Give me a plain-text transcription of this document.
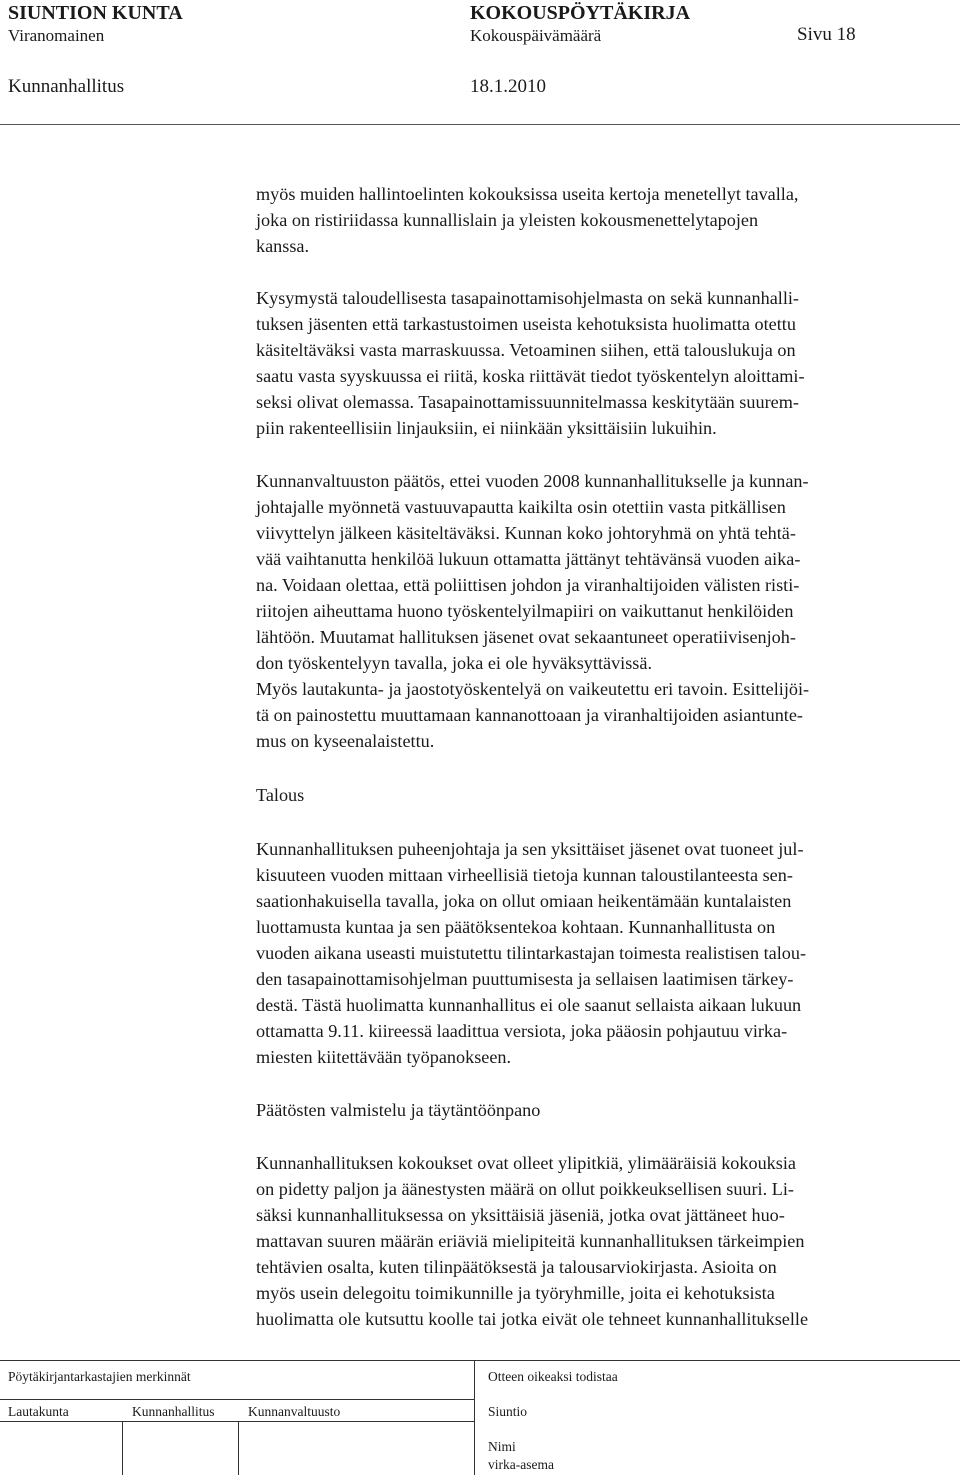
SIUNTION KUNTA	KOKOUSPÖYTÄKIRJA
Viranomainen	Kokouspäivämäärä	Sivu 18
Kunnanhallitus	18.1.2010

myös muiden hallintoelinten kokouksissa useita kertoja menetellyt tavalla,
joka on ristiriidassa kunnallislain ja yleisten kokousmenettelytapojen
kanssa.

Kysymystä taloudellisesta tasapainottamisohjelmasta on sekä kunnanhalli-
tuksen jäsenten että tarkastustoimen useista kehotuksista huolimatta otettu
käsiteltäväksi vasta marraskuussa. Vetoaminen siihen, että talouslukuja on
saatu vasta syyskuussa ei riitä, koska riittävät tiedot työskentelyn aloittami-
seksi olivat olemassa. Tasapainottamissuunnitelmassa keskitytään suurem-
piin rakenteellisiin linjauksiin, ei niinkään yksittäisiin lukuihin.

Kunnanvaltuuston päätös, ettei vuoden 2008 kunnanhallitukselle ja kunnan-
johtajalle myönnetä vastuuvapautta kaikilta osin otettiin vasta pitkällisen
viivyttelyn jälkeen käsiteltäväksi. Kunnan koko johtoryhmä on yhtä tehtä-
vää vaihtanutta henkilöä lukuun ottamatta jättänyt tehtävänsä vuoden aika-
na. Voidaan olettaa, että poliittisen johdon ja viranhaltijoiden välisten risti-
riitojen aiheuttama huono työskentelyilmapiiri on vaikuttanut henkilöiden
lähtöön. Muutamat hallituksen jäsenet ovat sekaantuneet operatiivisenjoh-
don työskentelyyn tavalla, joka ei ole hyväksyttävissä.
Myös lautakunta- ja jaostotyöskentelyä on vaikeutettu eri tavoin. Esittelijöi-
tä on painostettu muuttamaan kannanottoaan ja viranhaltijoiden asiantunte-
mus on kyseenalaistettu.

Talous

Kunnanhallituksen puheenjohtaja ja sen yksittäiset jäsenet ovat tuoneet jul-
kisuuteen vuoden mittaan virheellisiä tietoja kunnan taloustilanteesta sen-
saationhakuisella tavalla, joka on ollut omiaan heikentämään kuntalaisten
luottamusta kuntaa ja sen päätöksentekoa kohtaan. Kunnanhallitusta on
vuoden aikana useasti muistutettu tilintarkastajan toimesta realistisen talou-
den tasapainottamisohjelman puuttumisesta ja sellaisen laatimisen tärkey-
destä. Tästä huolimatta kunnanhallitus ei ole saanut sellaista aikaan lukuun
ottamatta 9.11. kiireessä laadittua versiota, joka pääosin pohjautuu virka-
miesten kiitettävään työpanokseen.

Päätösten valmistelu ja täytäntöönpano

Kunnanhallituksen kokoukset ovat olleet ylipitkiä, ylimääräisiä kokouksia
on pidetty paljon ja äänestysten määrä on ollut poikkeuksellisen suuri. Li-
säksi kunnanhallituksessa on yksittäisiä jäseniä, jotka ovat jättäneet huo-
mattavan suuren määrän eriäviä mielipiteitä kunnanhallituksen tärkeimpien
tehtävien osalta, kuten tilinpäätöksestä ja talousarviokirjasta. Asioita on
myös usein delegoitu toimikunnille ja työryhmille, joita ei kehotuksista
huolimatta ole kutsuttu koolle tai jotka eivät ole tehneet kunnanhallitukselle

Pöytäkirjantarkastajien merkinnät
Lautakunta	Kunnanhallitus Kunnanvaltuusto
Otteen oikeaksi todistaa
Siuntio
Nimi
virka-asema
